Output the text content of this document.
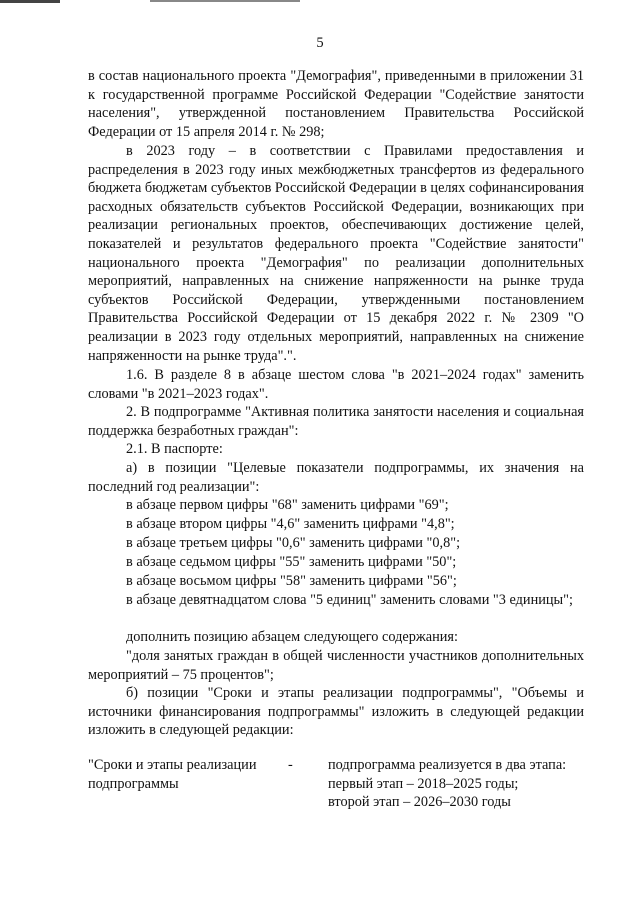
5

в состав национального проекта "Демография", приведенными в приложении 31 к государственной программе Российской Федерации "Содействие занятости населения", утвержденной постановлением Правительства Российской Федерации от 15 апреля 2014 г. № 298;

в 2023 году – в соответствии с Правилами предоставления и распределения в 2023 году иных межбюджетных трансфертов из федерального бюджета бюджетам субъектов Российской Федерации в целях софинансирования расходных обязательств субъектов Российской Федерации, возникающих при реализации региональных проектов, обеспечивающих достижение целей, показателей и результатов федерального проекта "Содействие занятости" национального проекта "Демография" по реализации дополнительных мероприятий, направленных на снижение напряженности на рынке труда субъектов Российской Федерации, утвержденными постановлением Правительства Российской Федерации от 15 декабря 2022 г. № 2309 "О реализации в 2023 году отдельных мероприятий, направленных на снижение напряженности на рынке труда".".

1.6. В разделе 8 в абзаце шестом слова "в 2021–2024 годах" заменить словами "в 2021–2023 годах".

2. В подпрограмме "Активная политика занятости населения и социальная поддержка безработных граждан":

2.1. В паспорте:

а) в позиции "Целевые показатели подпрограммы, их значения на последний год реализации":

в абзаце первом цифры "68" заменить цифрами "69";

в абзаце втором цифры "4,6" заменить цифрами "4,8";

в абзаце третьем цифры "0,6" заменить цифрами "0,8";

в абзаце седьмом цифры "55" заменить цифрами "50";

в абзаце восьмом цифры "58" заменить цифрами "56";

в абзаце девятнадцатом слова "5 единиц" заменить словами "3 единицы";

дополнить позицию абзацем следующего содержания:

"доля занятых граждан в общей численности участников дополнительных мероприятий – 75 процентов";

б) позиции "Сроки и этапы реализации подпрограммы", "Объемы и источники финансирования подпрограммы" изложить в следующей редакции изложить в следующей редакции:

"Сроки и этапы реализации подпрограммы
- подпрограмма реализуется в два этапа:
первый этап – 2018–2025 годы;
второй этап – 2026–2030 годы
